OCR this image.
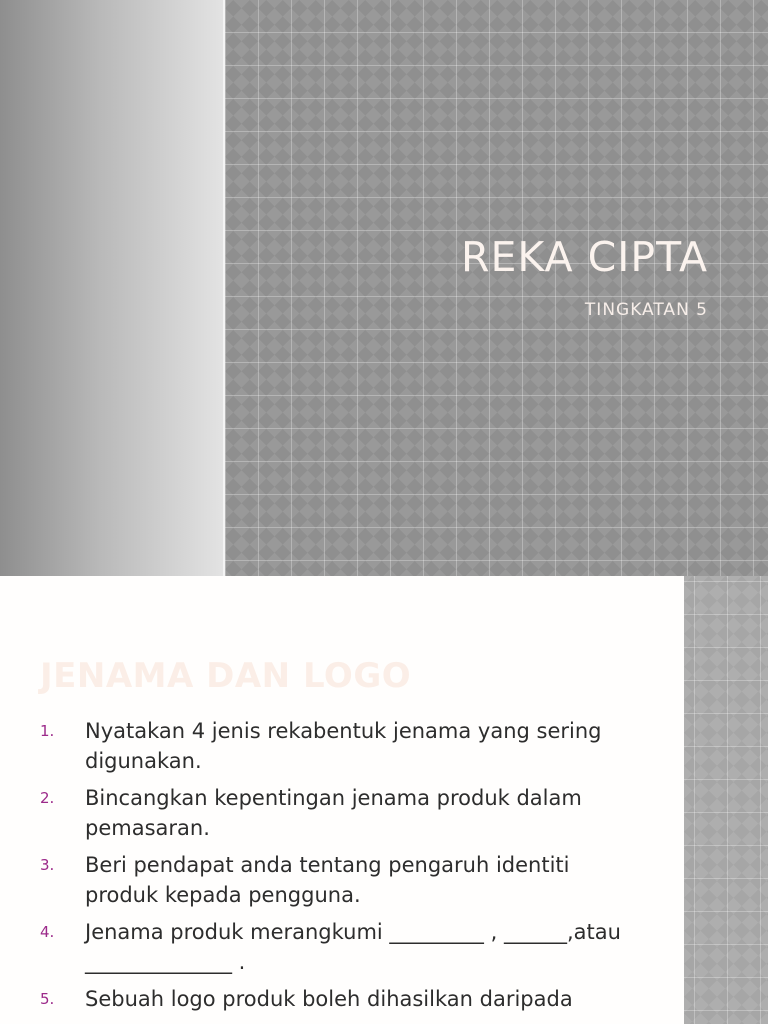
REKA CIPTA

TINGKATAN 5

JENAMA DAN LOGO
1.	Nyatakan 4 jenis rekabentuk jenama yang sering digunakan.
2.	Bincangkan kepentingan jenama produk dalam pemasaran.
3.	Beri pendapat anda tentang pengaruh identiti produk kepada pengguna.
4.	Jenama produk merangkumi _________ , ______,atau ______________ .
5.	Sebuah logo produk boleh dihasilkan daripada
